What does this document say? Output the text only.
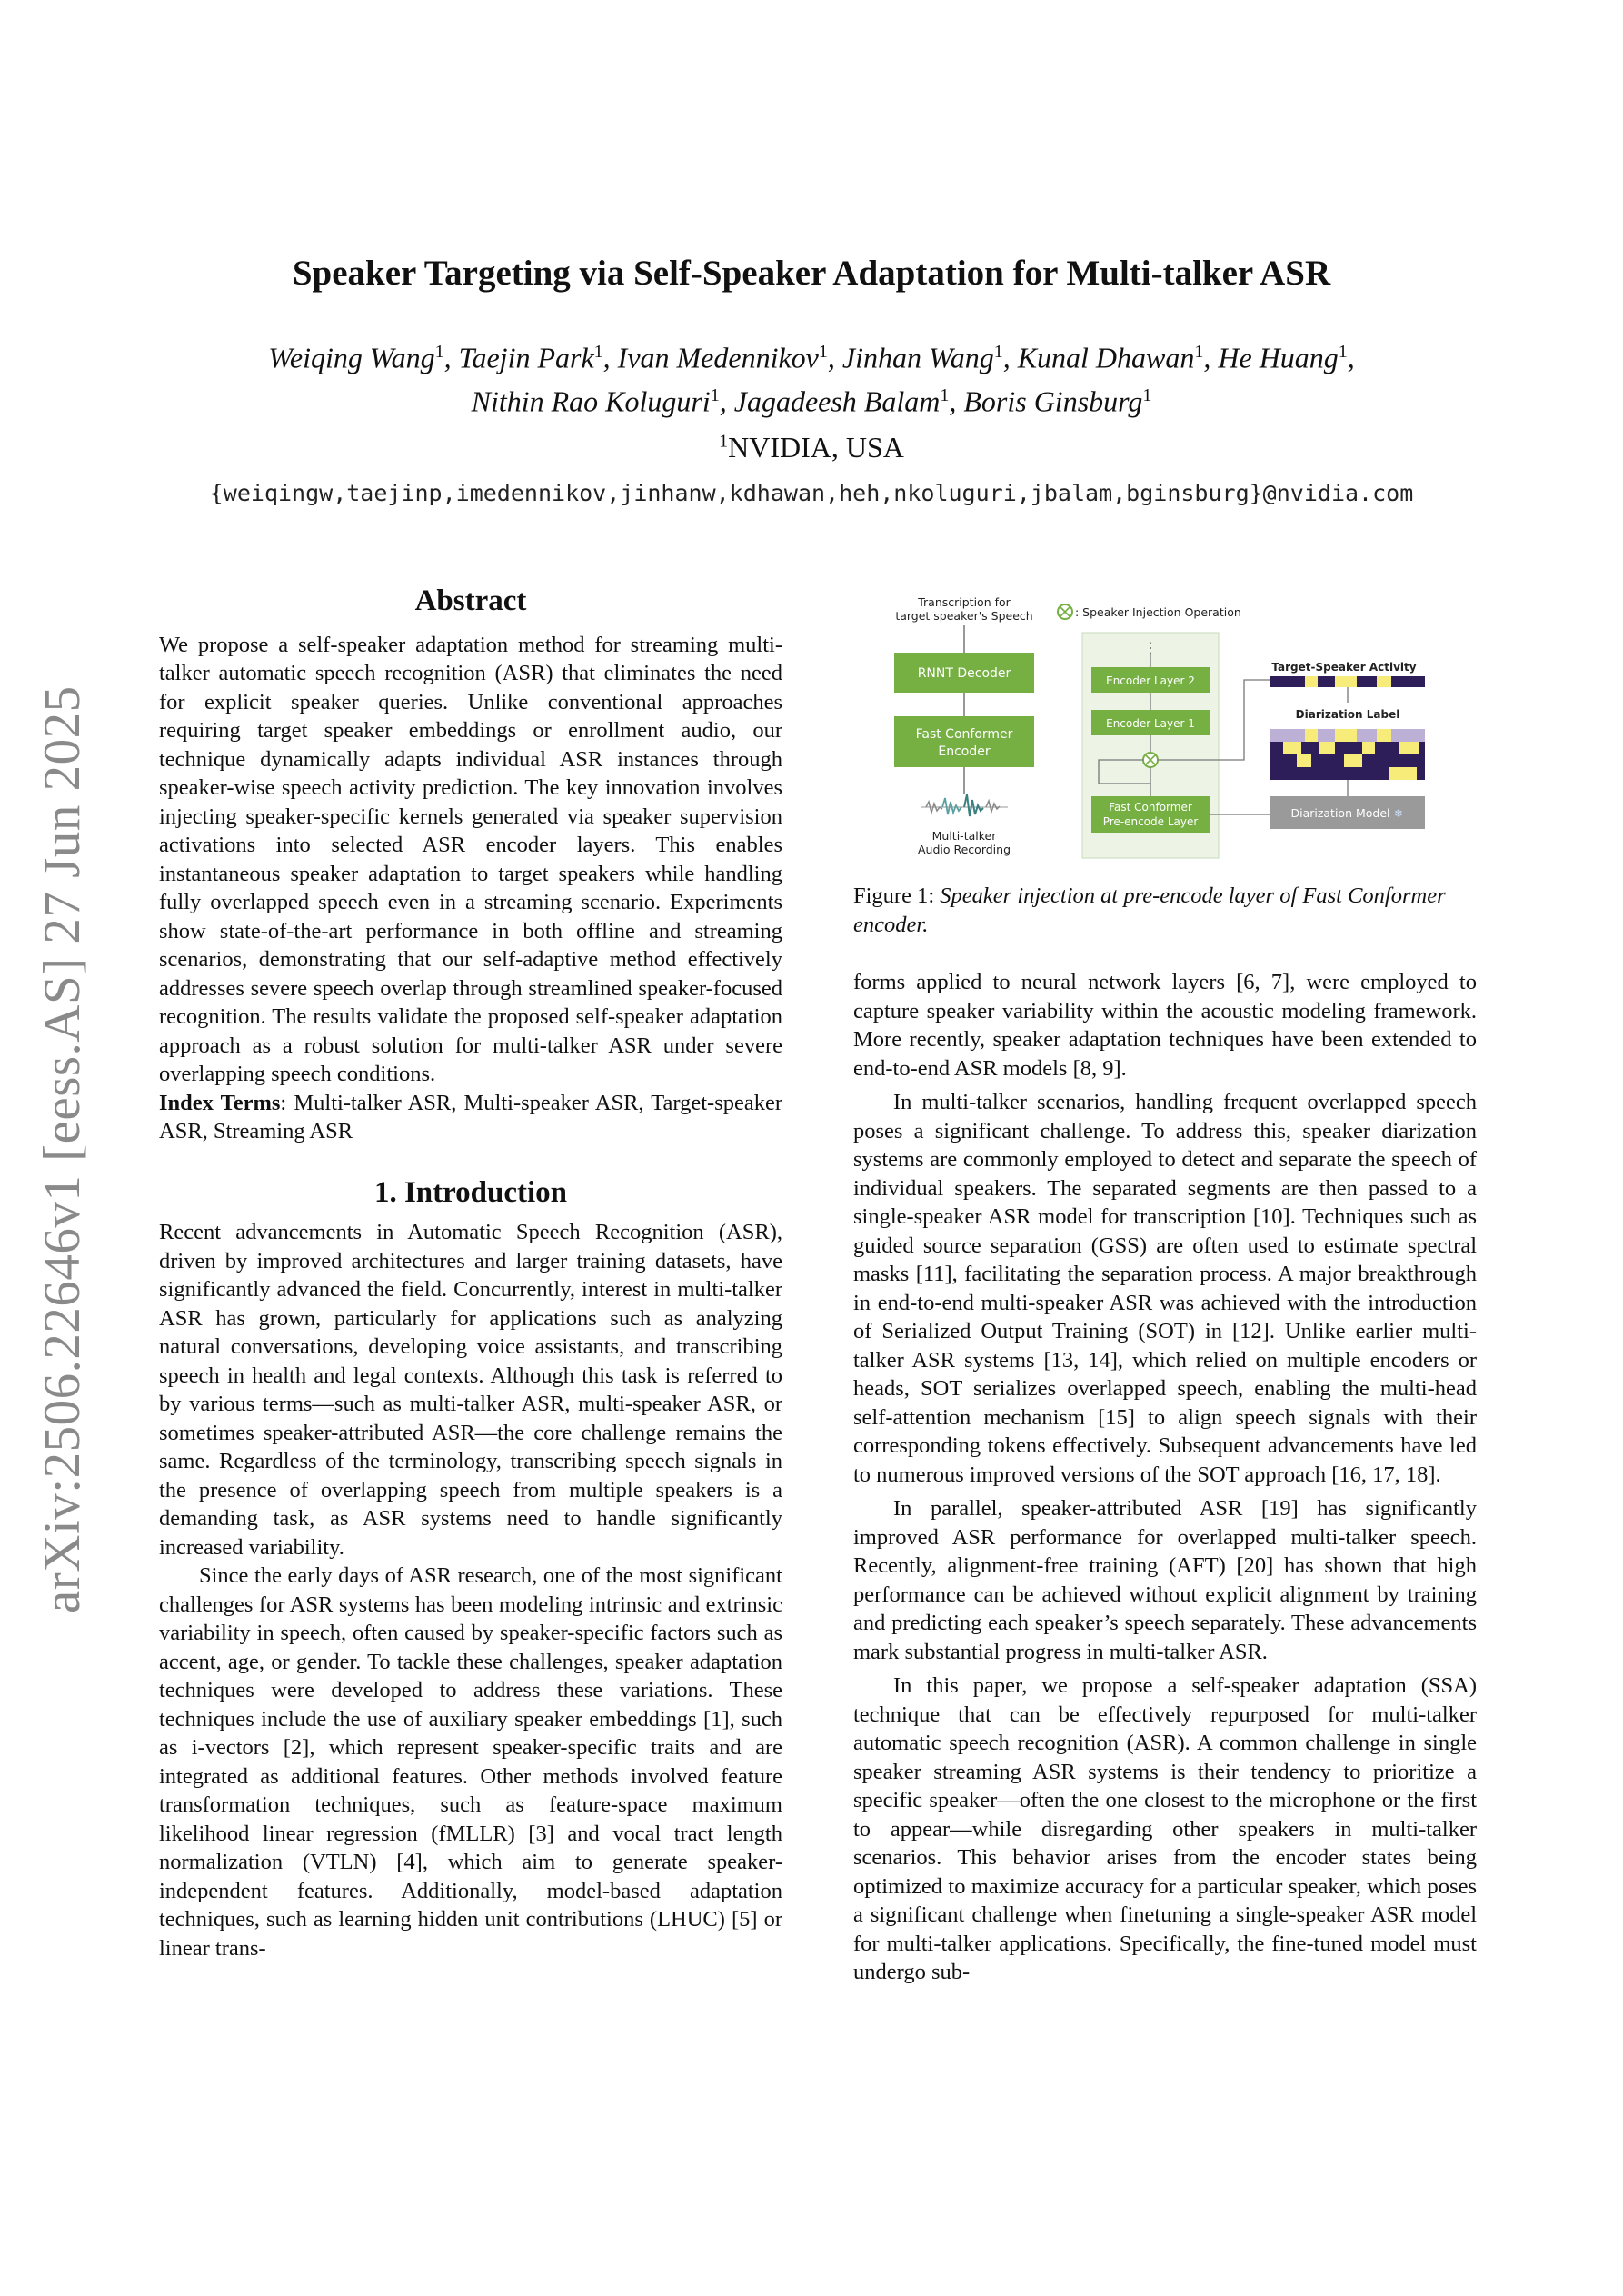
arXiv:2506.22646v1 [eess.AS] 27 Jun 2025
Speaker Targeting via Self-Speaker Adaptation for Multi-talker ASR
Weiqing Wang$^1$, Taejin Park$^1$, Ivan Medennikov$^1$, Jinhan Wang$^1$, Kunal Dhawan$^1$, He Huang$^1$,
Nithin Rao Koluguri$^1$, Jagadeesh Balam$^1$, Boris Ginsburg$^1$
$^1$NVIDIA, USA
{weiqingw,taejinp,imedennikov,jinhanw,kdhawan,heh,nkoluguri,jbalam,bginsburg}@nvidia.com
Abstract

We propose a self-speaker adaptation method for streaming multi-talker automatic speech recognition (ASR) that eliminates the need for explicit speaker queries. Unlike conventional approaches requiring target speaker embeddings or enrollment audio, our technique dynamically adapts individual ASR instances through speaker-wise speech activity prediction. The key innovation involves injecting speaker-specific kernels generated via speaker supervision activations into selected ASR encoder layers. This enables instantaneous speaker adaptation to target speakers while handling fully overlapped speech even in a streaming scenario. Experiments show state-of-the-art performance in both offline and streaming scenarios, demonstrating that our self-adaptive method effectively addresses severe speech overlap through streamlined speaker-focused recognition. The results validate the proposed self-speaker adaptation approach as a robust solution for multi-talker ASR under severe overlapping speech conditions.

Index Terms: Multi-talker ASR, Multi-speaker ASR, Target-speaker ASR, Streaming ASR

1. Introduction

Recent advancements in Automatic Speech Recognition (ASR), driven by improved architectures and larger training datasets, have significantly advanced the field. Concurrently, interest in multi-talker ASR has grown, particularly for applications such as analyzing natural conversations, developing voice assistants, and transcribing speech in health and legal contexts. Although this task is referred to by various terms—such as multi-talker ASR, multi-speaker ASR, or sometimes speaker-attributed ASR—the core challenge remains the same. Regardless of the terminology, transcribing speech signals in the presence of overlapping speech from multiple speakers is a demanding task, as ASR systems need to handle significantly increased variability.

Since the early days of ASR research, one of the most significant challenges for ASR systems has been modeling intrinsic and extrinsic variability in speech, often caused by speaker-specific factors such as accent, age, or gender. To tackle these challenges, speaker adaptation techniques were developed to address these variations. These techniques include the use of auxiliary speaker embeddings [1], such as i-vectors [2], which represent speaker-specific traits and are integrated as additional features. Other methods involved feature transformation techniques, such as feature-space maximum likelihood linear regression (fMLLR) [3] and vocal tract length normalization (VTLN) [4], which aim to generate speaker-independent features. Additionally, model-based adaptation techniques, such as learning hidden unit contributions (LHUC) [5] or linear trans-

Transcription for
target speaker's Speech	: Speaker Injection Operation
RNNT Decoder
Fast Conformer
Encoder
Multi-talker
Audio Recording
⋮
Encoder Layer 2
Encoder Layer 1
Fast Conformer
Pre-encode Layer
Target-Speaker Activity
Diarization Label
Diarization Model ❄
Figure 1: Speaker injection at pre-encode layer of Fast Conformer encoder.

forms applied to neural network layers [6, 7], were employed to capture speaker variability within the acoustic modeling framework. More recently, speaker adaptation techniques have been extended to end-to-end ASR models [8, 9].

In multi-talker scenarios, handling frequent overlapped speech poses a significant challenge. To address this, speaker diarization systems are commonly employed to detect and separate the speech of individual speakers. The separated segments are then passed to a single-speaker ASR model for transcription [10]. Techniques such as guided source separation (GSS) are often used to estimate spectral masks [11], facilitating the separation process. A major breakthrough in end-to-end multi-speaker ASR was achieved with the introduction of Serialized Output Training (SOT) in [12]. Unlike earlier multi-talker ASR systems [13, 14], which relied on multiple encoders or heads, SOT serializes overlapped speech, enabling the multi-head self-attention mechanism [15] to align speech signals with their corresponding tokens effectively. Subsequent advancements have led to numerous improved versions of the SOT approach [16, 17, 18].

In parallel, speaker-attributed ASR [19] has significantly improved ASR performance for overlapped multi-talker speech. Recently, alignment-free training (AFT) [20] has shown that high performance can be achieved without explicit alignment by training and predicting each speaker’s speech separately. These advancements mark substantial progress in multi-talker ASR.

In this paper, we propose a self-speaker adaptation (SSA) technique that can be effectively repurposed for multi-talker automatic speech recognition (ASR). A common challenge in single speaker streaming ASR systems is their tendency to prioritize a specific speaker—often the one closest to the microphone or the first to appear—while disregarding other speakers in multi-talker scenarios. This behavior arises from the encoder states being optimized to maximize accuracy for a particular speaker, which poses a significant challenge when finetuning a single-speaker ASR model for multi-talker applications. Specifically, the fine-tuned model must undergo sub-
